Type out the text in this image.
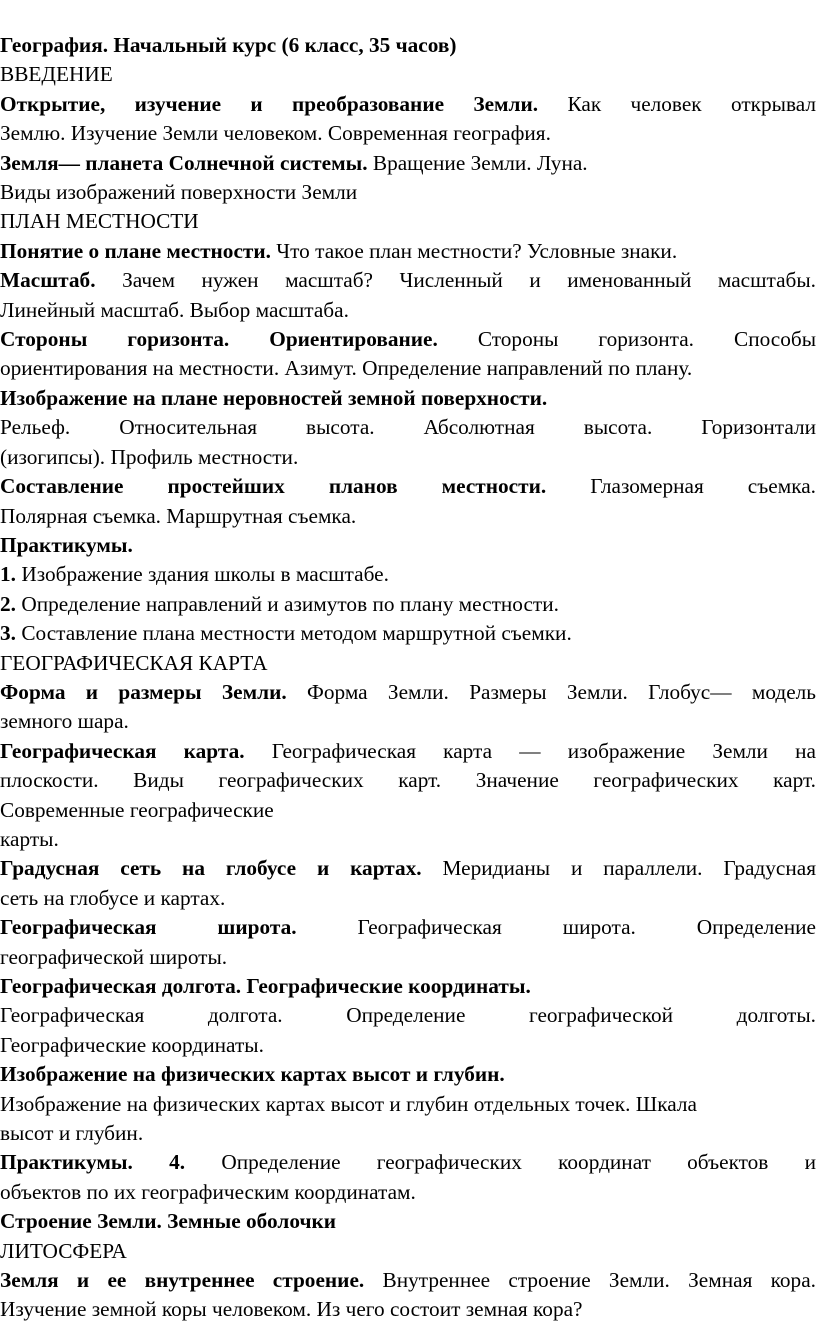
География. Начальный курс (6 класс, 35 часов)

ВВЕДЕНИЕ

Открытие, изучение и преобразование Земли. Как человек открывал

Землю. Изучение Земли человеком. Современная география.

Земля— планета Солнечной системы. Вращение Земли. Луна.

Виды изображений поверхности Земли

ПЛАН МЕСТНОСТИ

Понятие о плане местности. Что такое план местности? Условные знаки.

Масштаб. Зачем нужен масштаб? Численный и именованный масштабы.

Линейный масштаб. Выбор масштаба.

Стороны горизонта. Ориентирование. Стороны горизонта. Способы

ориентирования на местности. Азимут. Определение направлений по плану.

Изображение на плане неровностей земной поверхности.

Рельеф. Относительная высота. Абсолютная высота. Горизонтали

(изогипсы). Профиль местности.

Составление простейших планов местности. Глазомерная съемка.

Полярная съемка. Маршрутная съемка.

Практикумы.

1. Изображение здания школы в масштабе.

2. Определение направлений и азимутов по плану местности.

3. Составление плана местности методом маршрутной съемки.

ГЕОГРАФИЧЕСКАЯ КАРТА

Форма и размеры Земли. Форма Земли. Размеры Земли. Глобус— модель

земного шара.

Географическая карта. Географическая карта — изображение Земли на

плоскости. Виды географических карт. Значение географических карт.

Современные географические

карты.

Градусная сеть на глобусе и картах. Меридианы и параллели. Градусная

сеть на глобусе и картах.

Географическая широта.	Географическая широта. Определение

географической широты.

Географическая долгота. Географические координаты.

Географическая долгота. Определение географической долготы.

Географические координаты.

Изображение на физических картах высот и глубин.

Изображение на физических картах высот и глубин отдельных точек. Шкала

высот и глубин.

Практикумы. 4. Определение географических координат объектов и

объектов по их географическим координатам.

Строение Земли. Земные оболочки

ЛИТОСФЕРА

Земля и ее внутреннее строение. Внутреннее строение Земли. Земная кора.

Изучение земной коры человеком. Из чего состоит земная кора?
